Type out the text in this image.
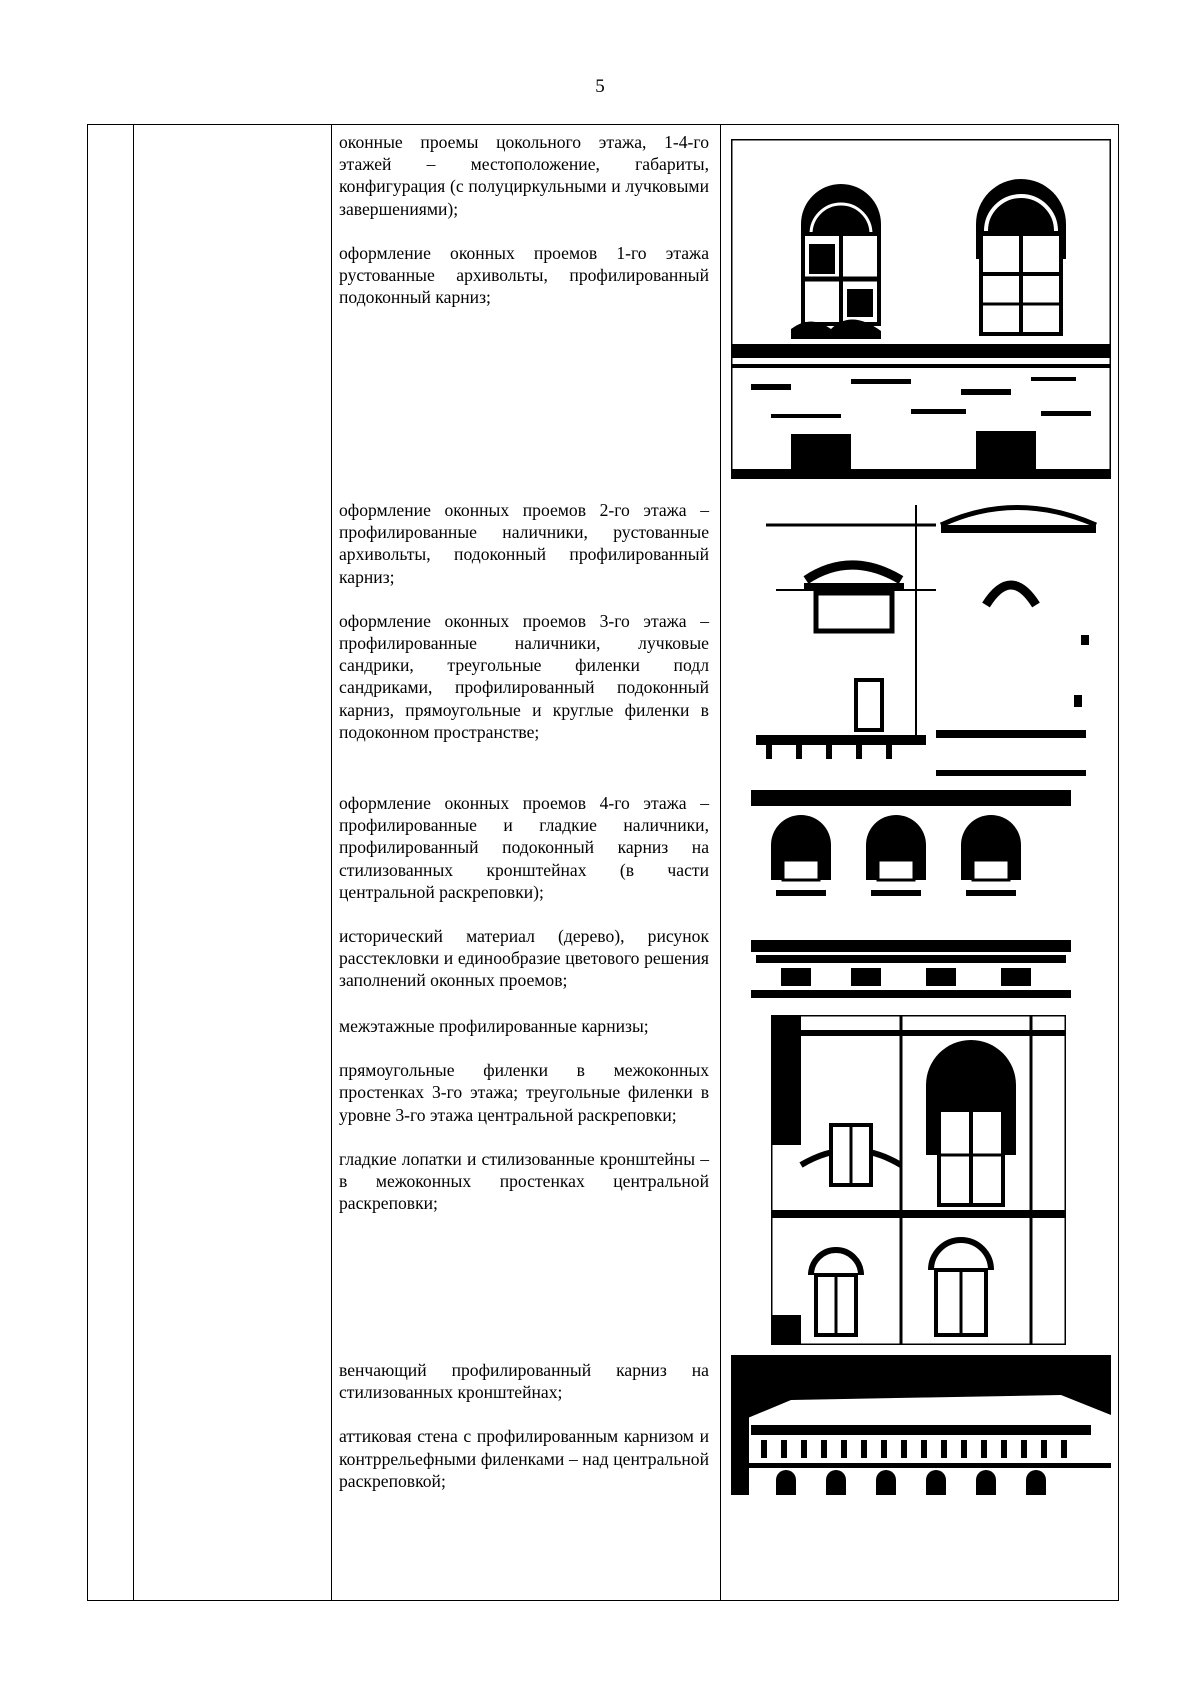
5

оконные проемы цокольного этажа, 1-4-го этажей – местоположение, габариты, конфигурация (с полуциркульными и лучковыми завершениями);

оформление оконных проемов 1-го этажа рустованные архивольты, профилированный подоконный карниз;

оформление оконных проемов 2-го этажа – профилированные наличники, рустованные архивольты, подоконный профилированный карниз;

оформление оконных проемов 3-го этажа – профилированные наличники, лучковые сандрики, треугольные филенки подл сандриками, профилированный подоконный карниз, прямоугольные и круглые филенки в подоконном пространстве;

оформление оконных проемов 4-го этажа – профилированные и гладкие наличники, профилированный подоконный карниз на стилизованных кронштейнах (в части центральной раскреповки);

исторический материал (дерево), рисунок расстекловки и единообразие цветового решения заполнений оконных проемов;

межэтажные профилированные карнизы;

прямоугольные филенки в межоконных простенках 3-го этажа; треугольные филенки в уровне 3-го этажа центральной раскреповки;

гладкие лопатки и стилизованные кронштейны – в межоконных простенках центральной раскреповки;

венчающий профилированный карниз на стилизованных кронштейнах;

аттиковая стена с профилированным карнизом и контррельефными филенками – над центральной раскреповкой;
